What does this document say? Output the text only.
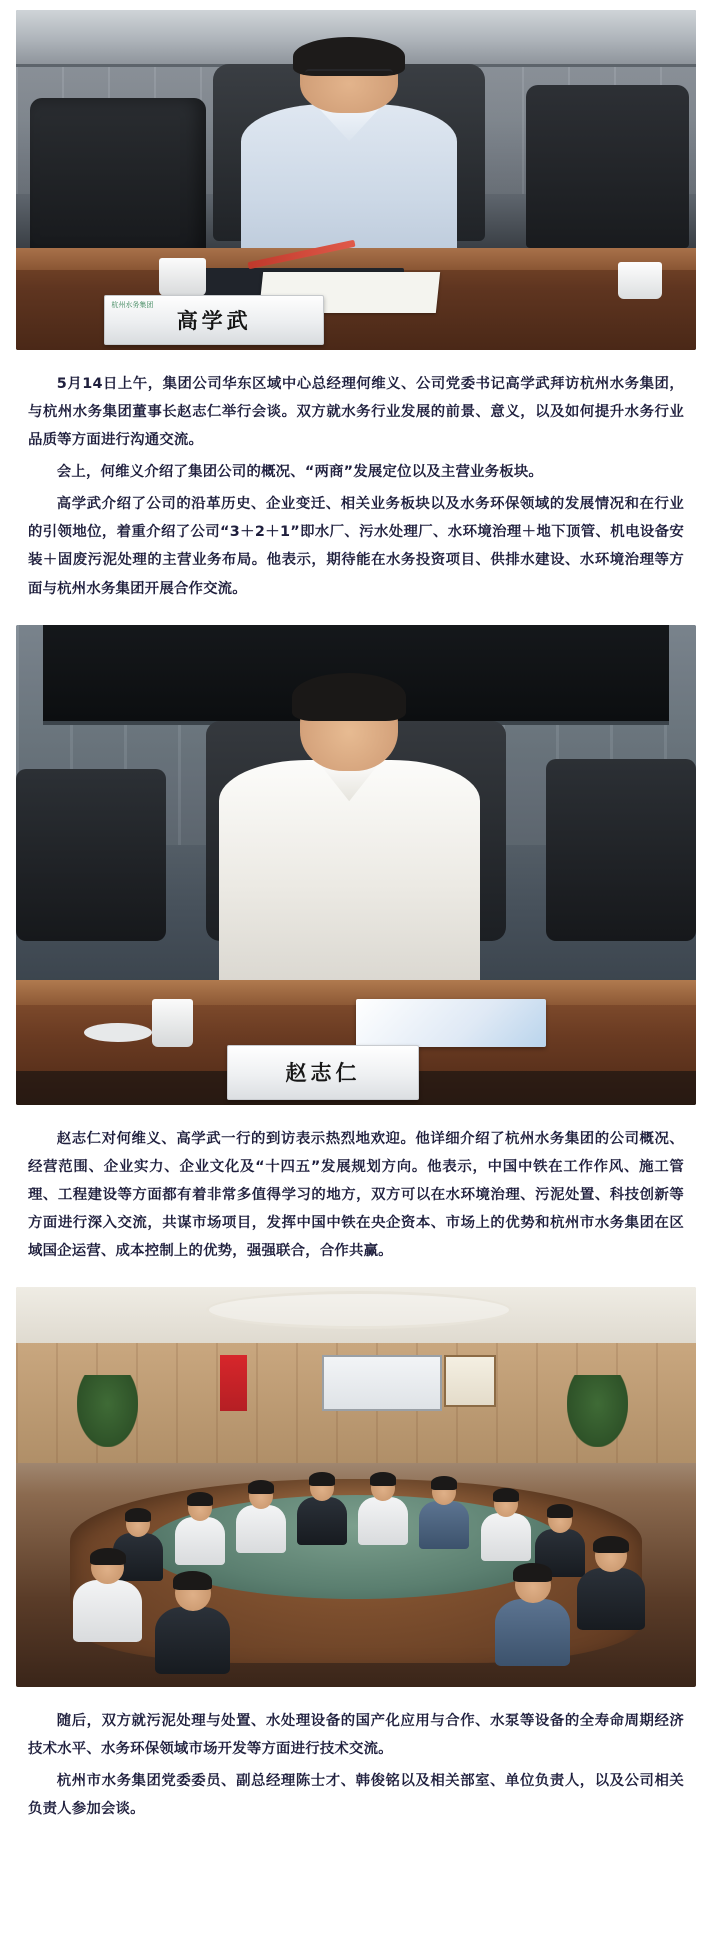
杭州水务集团
高学武

5月14日上午，集团公司华东区域中心总经理何维义、公司党委书记高学武拜访杭州水务集团，与杭州水务集团董事长赵志仁举行会谈。双方就水务行业发展的前景、意义，以及如何提升水务行业品质等方面进行沟通交流。

会上，何维义介绍了集团公司的概况、“两商”发展定位以及主营业务板块。

高学武介绍了公司的沿革历史、企业变迁、相关业务板块以及水务环保领域的发展情况和在行业的引领地位，着重介绍了公司“3＋2＋1”即水厂、污水处理厂、水环境治理＋地下顶管、机电设备安装＋固废污泥处理的主营业务布局。他表示，期待能在水务投资项目、供排水建设、水环境治理等方面与杭州水务集团开展合作交流。

赵志仁

赵志仁对何维义、高学武一行的到访表示热烈地欢迎。他详细介绍了杭州水务集团的公司概况、经营范围、企业实力、企业文化及“十四五”发展规划方向。他表示，中国中铁在工作作风、施工管理、工程建设等方面都有着非常多值得学习的地方，双方可以在水环境治理、污泥处置、科技创新等方面进行深入交流，共谋市场项目，发挥中国中铁在央企资本、市场上的优势和杭州市水务集团在区域国企运营、成本控制上的优势，强强联合，合作共赢。

随后，双方就污泥处理与处置、水处理设备的国产化应用与合作、水泵等设备的全寿命周期经济技术水平、水务环保领域市场开发等方面进行技术交流。

杭州市水务集团党委委员、副总经理陈士才、韩俊铭以及相关部室、单位负责人，以及公司相关负责人参加会谈。
